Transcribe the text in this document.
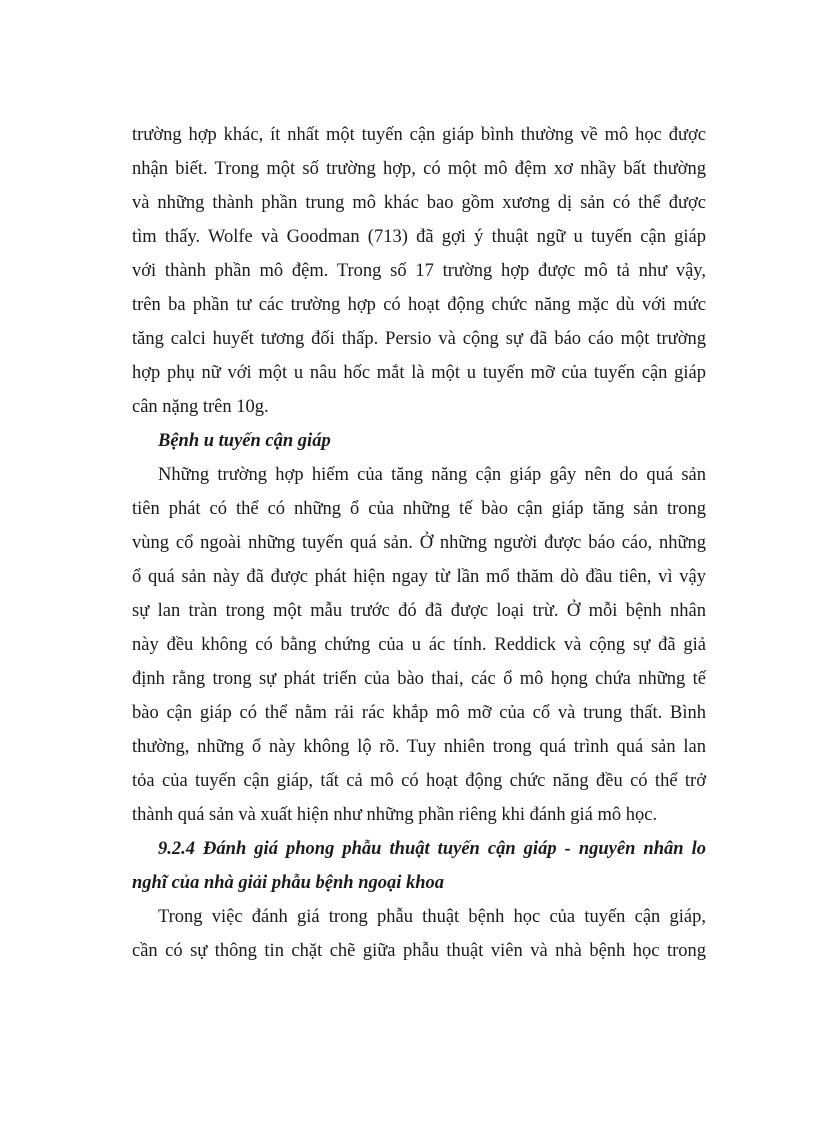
trường hợp khác, ít nhất một tuyến cận giáp bình thường về mô học được
nhận biết. Trong một số trường hợp, có một mô đệm xơ nhầy bất thường
và những thành phần trung mô khác bao gồm xương dị sản có thể được
tìm thấy. Wolfe và Goodman (713) đã gợi ý thuật ngữ u tuyến cận giáp
với thành phần mô đệm. Trong số 17 trường hợp được mô tả như vậy,
trên ba phần tư các trường hợp có hoạt động chức năng mặc dù với mức
tăng calci huyết tương đối thấp. Persio và cộng sự đã báo cáo một trường
hợp phụ nữ với một u nâu hốc mắt là một u tuyến mỡ của tuyến cận giáp
cân nặng trên 10g.
Bệnh u tuyến cận giáp
Những trường hợp hiếm của tăng năng cận giáp gây nên do quá sản
tiên phát có thể có những ổ của những tế bào cận giáp tăng sản trong
vùng cổ ngoài những tuyến quá sản. Ở những người được báo cáo, những
ổ quá sản này đã được phát hiện ngay từ lần mổ thăm dò đầu tiên, vì vậy
sự lan tràn trong một mẫu trước đó đã được loại trừ. Ở mỗi bệnh nhân
này đều không có bằng chứng của u ác tính. Reddick và cộng sự đã giả
định rằng trong sự phát triển của bào thai, các ổ mô họng chứa những tế
bào cận giáp có thể nằm rải rác khắp mô mỡ của cổ và trung thất. Bình
thường, những ổ này không lộ rõ. Tuy nhiên trong quá trình quá sản lan
tỏa của tuyến cận giáp, tất cả mô có hoạt động chức năng đều có thể trở
thành quá sản và xuất hiện như những phần riêng khi đánh giá mô học.
9.2.4 Đánh giá phong phẫu thuật tuyến cận giáp - nguyên nhân lo
nghĩ của nhà giải phẫu bệnh ngoại khoa
Trong việc đánh giá trong phẫu thuật bệnh học của tuyến cận giáp,
cần có sự thông tin chặt chẽ giữa phẫu thuật viên và nhà bệnh học trong
